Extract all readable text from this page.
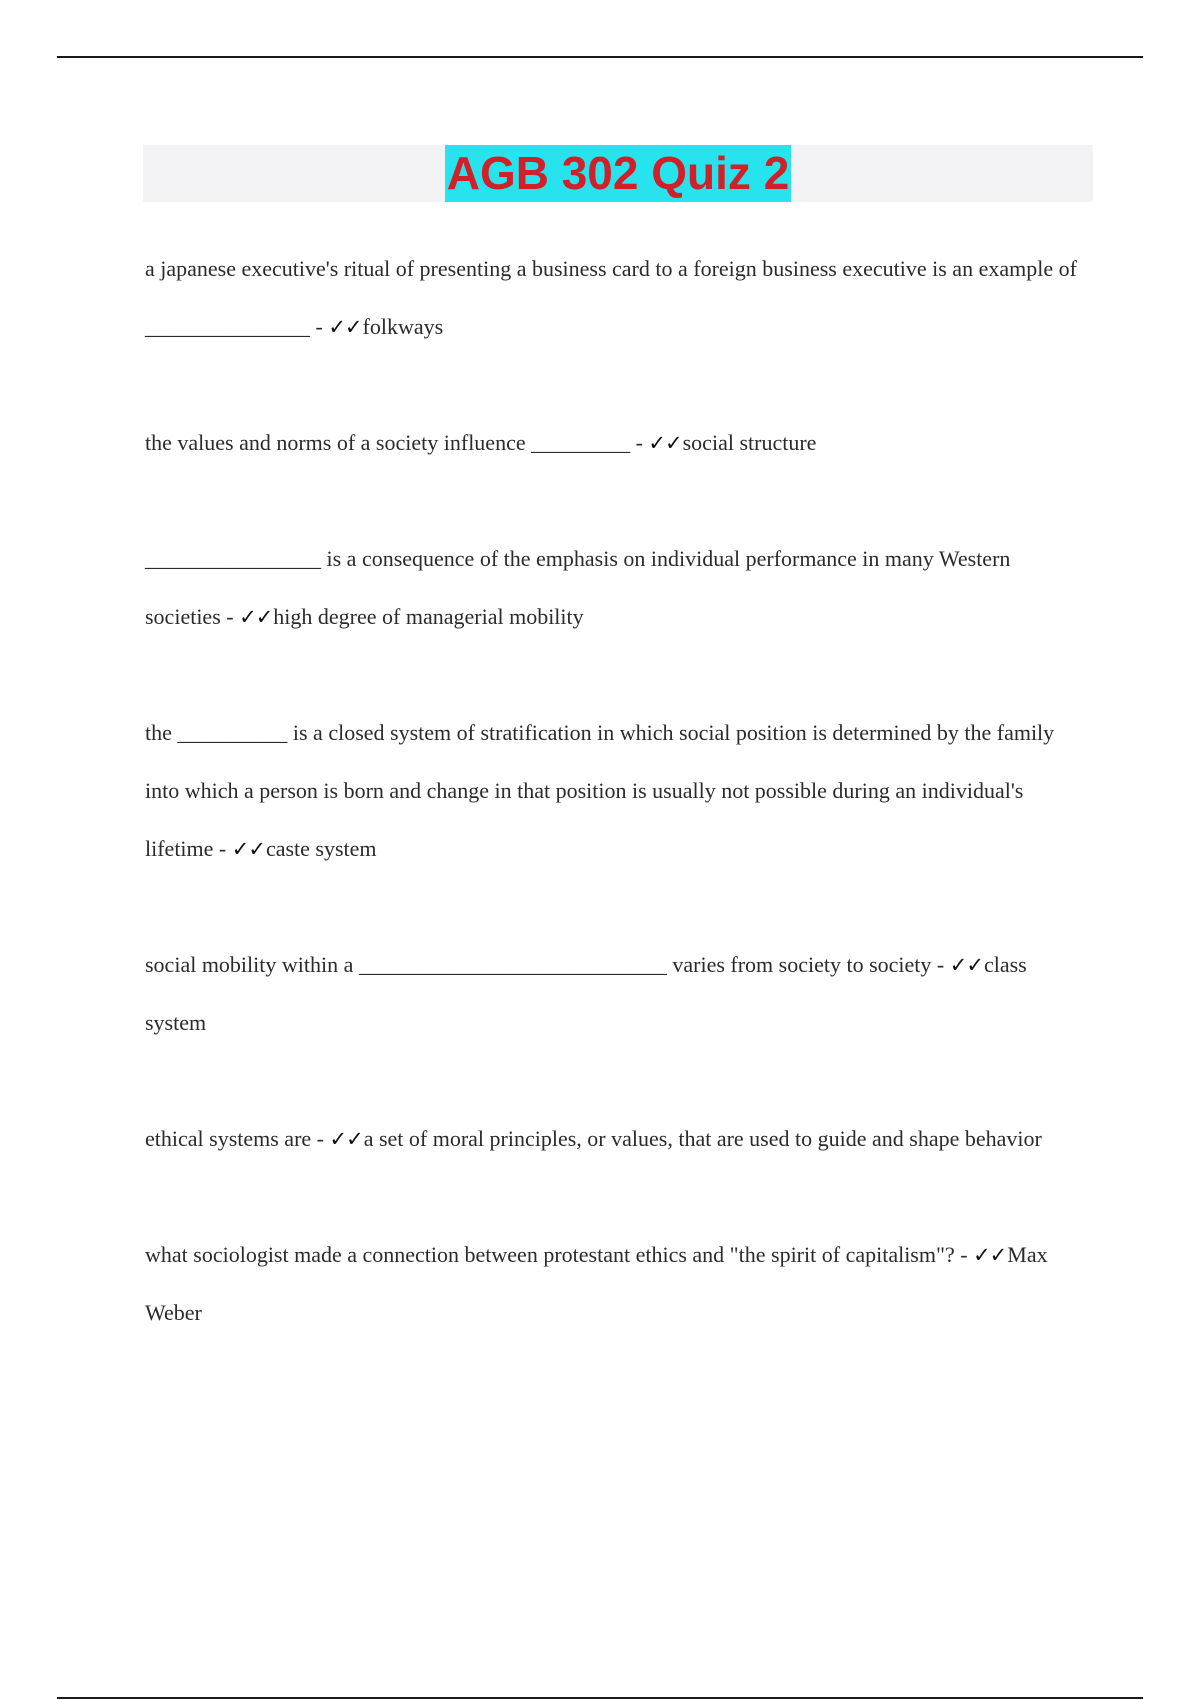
AGB 302 Quiz 2

a japanese executive's ritual of presenting a business card to a foreign business executive is an example of _______________ - ✓✓folkways

the values and norms of a society influence _________ - ✓✓social structure

________________ is a consequence of the emphasis on individual performance in many Western societies - ✓✓high degree of managerial mobility

the __________ is a closed system of stratification in which social position is determined by the family into which a person is born and change in that position is usually not possible during an individual's lifetime - ✓✓caste system

social mobility within a ____________________________ varies from society to society - ✓✓class system

ethical systems are - ✓✓a set of moral principles, or values, that are used to guide and shape behavior

what sociologist made a connection between protestant ethics and "the spirit of capitalism"? - ✓✓Max Weber
